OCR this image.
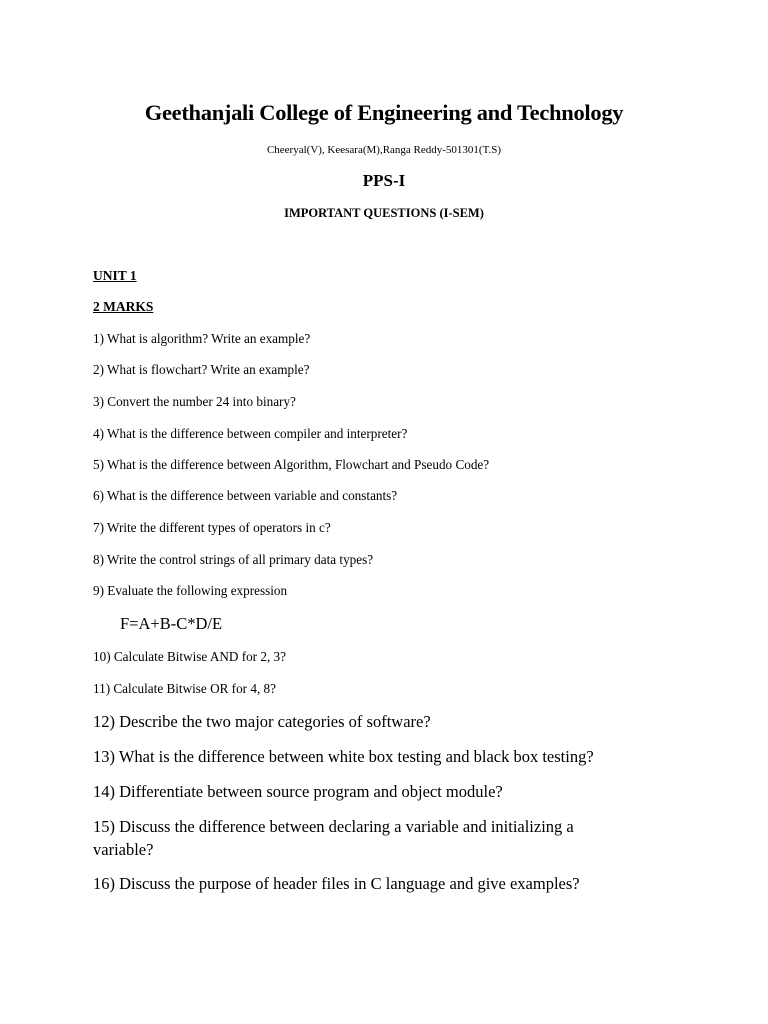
Geethanjali College of Engineering and Technology
Cheeryal(V), Keesara(M),Ranga Reddy-501301(T.S)
PPS-I
IMPORTANT QUESTIONS (I-SEM)
UNIT 1
2 MARKS
1) What is algorithm? Write an example?
2) What is flowchart? Write an example?
3) Convert the number 24 into binary?
4) What is the difference between compiler and interpreter?
5) What is the difference between Algorithm, Flowchart and Pseudo Code?
6) What is the difference between variable and constants?
7) Write the different types of operators in c?
8) Write the control strings of all primary data types?
9) Evaluate the following expression
F=A+B-C*D/E
10) Calculate Bitwise AND for 2, 3?
11) Calculate Bitwise OR for 4, 8?
12) Describe the two major categories of software?
13) What is the difference between white box testing and black box testing?
14) Differentiate between source program and object module?
15) Discuss the difference between declaring a variable and initializing a
variable?
16) Discuss the purpose of header files in C language and give examples?
